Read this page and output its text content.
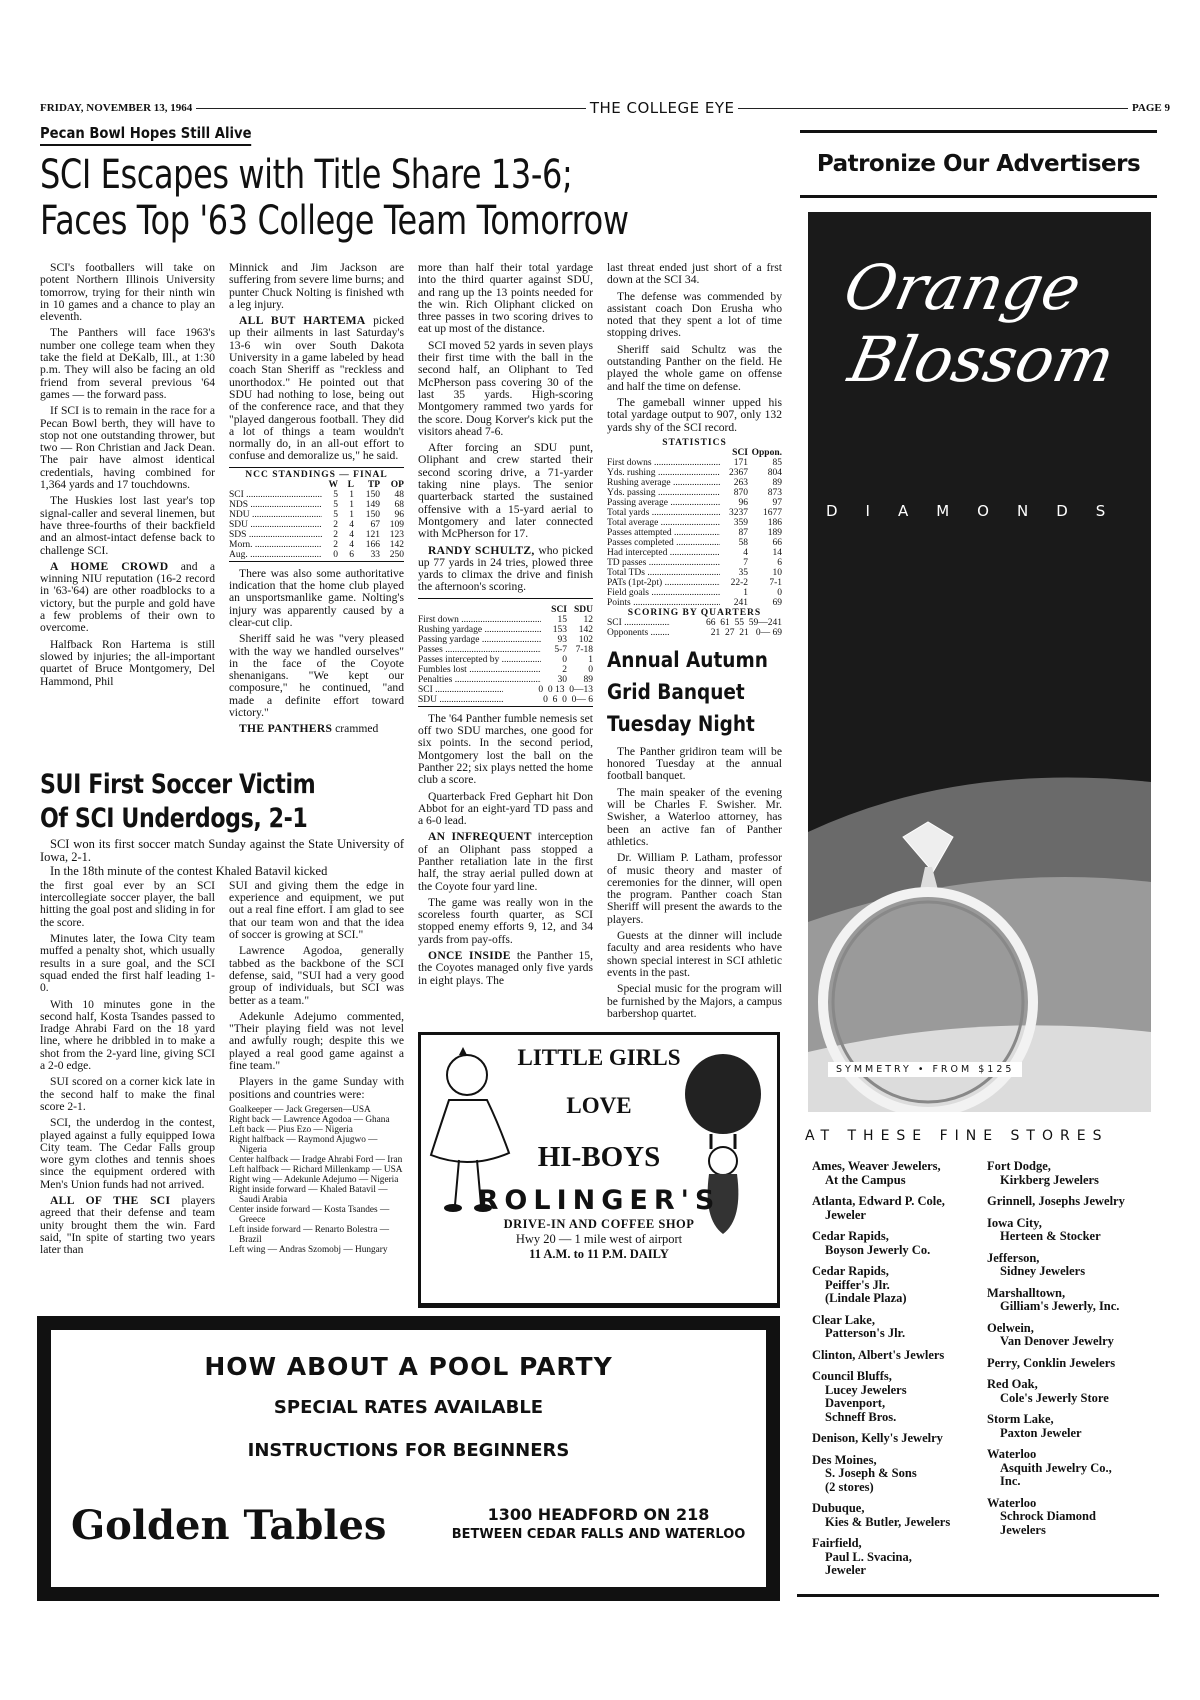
FRIDAY, NOVEMBER 13, 1964	THE COLLEGE EYE	PAGE 9
Pecan Bowl Hopes Still Alive
SCI Escapes with Title Share 13-6;
Faces Top '63 College Team Tomorrow

SCI's footballers will take on potent Northern Illinois University tomorrow, trying for their ninth win in 10 games and a chance to play an eleventh.

The Panthers will face 1963's number one college team when they take the field at DeKalb, Ill., at 1:30 p.m. They will also be facing an old friend from several previous '64 games — the forward pass.

If SCI is to remain in the race for a Pecan Bowl berth, they will have to stop not one outstanding thrower, but two — Ron Christian and Jack Dean. The pair have almost identical credentials, having combined for 1,364 yards and 17 touchdowns.

The Huskies lost last year's top signal-caller and several linemen, but have three-fourths of their backfield and an almost-intact defense back to challenge SCI.

A HOME CROWD and a winning NIU reputation (16-2 record in '63-'64) are other roadblocks to a victory, but the purple and gold have a few problems of their own to overcome.

Halfback Ron Hartema is still slowed by injuries; the all-important quartet of Bruce Montgomery, Del Hammond, Phil

Minnick and Jim Jackson are suffering from severe lime burns; and punter Chuck Nolting is finished wth a leg injury.

ALL BUT HARTEMA picked up their ailments in last Saturday's 13-6 win over South Dakota University in a game labeled by head coach Stan Sheriff as "reckless and unorthodox." He pointed out that SDU had nothing to lose, being out of the conference race, and that they "played dangerous football. They did a lot of things a team wouldn't normally do, in an all-out effort to confuse and demoralize us," he said.

NCC STANDINGS — FINAL
W	L	TP	OP
SCI .....	5	1	150	48
NDS .....	5	1	149	68
NDU .....	5	1	150	96
SDU .....	2	4	67	109
SDS .....	2	4	121	123
Morn. .....	2	4	166	142
Aug. .....	0	6	33	250

There was also some authoritative indication that the home club played an unsportsmanlike game. Nolting's injury was apparently caused by a clear-cut clip.

Sheriff said he was "very pleased with the way we handled ourselves" in the face of the Coyote shenanigans. "We kept our composure," he continued, "and made a definite effort toward victory."

THE PANTHERS crammed

more than half their total yardage into the third quarter against SDU, and rang up the 13 points needed for the win. Rich Oliphant clicked on three passes in two scoring drives to eat up most of the distance.

SCI moved 52 yards in seven plays their first time with the ball in the second half, an Oliphant to Ted McPherson pass covering 30 of the last 35 yards. High-scoring Montgomery rammed two yards for the score. Doug Korver's kick put the visitors ahead 7-6.

After forcing an SDU punt, Oliphant and crew started their second scoring drive, a 71-yarder taking nine plays. The senior quarterback started the sustained offensive with a 15-yard aerial to Montgomery and later connected with McPherson for 17.

RANDY SCHULTZ, who picked up 77 yards in 24 tries, plowed three yards to climax the drive and finish the afternoon's scoring.

SCI SDU
First down .....	15	12
Rushing yardage .....	153	142
Passing yardage .....	93	102
Passes .....	5-7 7-18
Passes intercepted by .....	0	1
Fumbles lost .....	2	0
Penalties .....	30	89
SCI .....	0  0 13  0—13
SDU .....	0  6  0  0— 6

The '64 Panther fumble nemesis set off two SDU marches, one good for six points. In the second period, Montgomery lost the ball on the Panther 22; six plays netted the home club a score.

Quarterback Fred Gephart hit Don Abbot for an eight-yard TD pass and a 6-0 lead.

AN INFREQUENT interception of an Oliphant pass stopped a Panther retaliation late in the first half, the stray aerial pulled down at the Coyote four yard line.

The game was really won in the scoreless fourth quarter, as SCI stopped enemy efforts 9, 12, and 34 yards from pay-offs.

ONCE INSIDE the Panther 15, the Coyotes managed only five yards in eight plays. The

last threat ended just short of a frst down at the SCI 34.

The defense was commended by assistant coach Don Erusha who noted that they spent a lot of time stopping drives.

Sheriff said Schultz was the outstanding Panther on the field. He played the whole game on offense and half the time on defense.

The gameball winner upped his total yardage output to 907, only 132 yards shy of the SCI record.

STATISTICS
SCI Oppon.
First downs .....	171	85
Yds. rushing .....	2367	804
Rushing average .....	263	89
Yds. passing .....	870	873
Passing average .....	96	97
Total yards .....	3237	1677
Total average .....	359	186
Passes attempted .....	87	189
Passes completed .....	58	66
Had intercepted .....	4	14
TD passes .....	7	6
Total TDs .....	35	10
PATs (1pt-2pt) .....	22-2	7-1
Field goals .....	1	0
Points .....	241	69
SCORING BY QUARTERS
SCI .....	66  61  55  59—241
Opponents .....	21  27  21   0— 69
Annual Autumn
Grid Banquet
Tuesday Night

The Panther gridiron team will be honored Tuesday at the annual football banquet.

The main speaker of the evening will be Charles F. Swisher. Mr. Swisher, a Waterloo attorney, has been an active fan of Panther athletics.

Dr. William P. Latham, professor of music theory and master of ceremonies for the dinner, will open the program. Panther coach Stan Sheriff will present the awards to the players.

Guests at the dinner will include faculty and area residents who have shown special interest in SCI athletic events in the past.

Special music for the program will be furnished by the Majors, a campus barbershop quartet.

SUI First Soccer Victim
Of SCI Underdogs, 2-1

SCI won its first soccer match Sunday against the State University of Iowa, 2-1.

In the 18th minute of the contest Khaled Batavil kicked

the first goal ever by an SCI intercollegiate soccer player, the ball hitting the goal post and sliding in for the score.

Minutes later, the Iowa City team muffed a penalty shot, which usually results in a sure goal, and the SCI squad ended the first half leading 1-0.

With 10 minutes gone in the second half, Kosta Tsandes passed to Iradge Ahrabi Fard on the 18 yard line, where he dribbled in to make a shot from the 2-yard line, giving SCI a 2-0 edge.

SUI scored on a corner kick late in the second half to make the final score 2-1.

SCI, the underdog in the contest, played against a fully equipped Iowa City team. The Cedar Falls group wore gym clothes and tennis shoes since the equipment ordered with Men's Union funds had not arrived.

ALL OF THE SCI players agreed that their defense and team unity brought them the win. Fard said, "In spite of starting two years later than

SUI and giving them the edge in experience and equipment, we put out a real fine effort. I am glad to see that our team won and that the idea of soccer is growing at SCI."

Lawrence Agodoa, generally tabbed as the backbone of the SCI defense, said, "SUI had a very good group of individuals, but SCI was better as a team."

Adekunle Adejumo commented, "Their playing field was not level and awfully rough; despite this we played a real good game against a fine team."

Players in the game Sunday with positions and countries were:

Goalkeeper — Jack Gregersen—USA
Right back — Lawrence Agodoa — Ghana
Left back — Pius Ezo — Nigeria
Right halfback — Raymond Ajugwo — Nigeria
Center halfback — Iradge Ahrabi Ford — Iran
Left halfback — Richard Millenkamp — USA
Right wing — Adekunle Adejumo — Nigeria
Right inside forward — Khaled Batavil — Saudi Arabia
Center inside forward — Kosta Tsandes — Greece
Left inside forward — Renarto Bolestra — Brazil
Left wing — Andras Szomobj — Hungary
LITTLE GIRLS
LOVE
HI-BOYS
ROLINGER'S
DRIVE-IN AND COFFEE SHOP
Hwy 20 — 1 mile west of airport
11 A.M. to 11 P.M. DAILY
HOW ABOUT A POOL PARTY
SPECIAL RATES AVAILABLE
INSTRUCTIONS FOR BEGINNERS
Golden Tables	1300 HEADFORD ON 218
BETWEEN CEDAR FALLS AND WATERLOO
Patronize Our Advertisers
Orange
Blossom
DIAMONDS
SYMMETRY • FROM $125
AT THESE FINE STORES
Ames, Weaver Jewelers,
At the Campus
Atlanta, Edward P. Cole,
Jeweler
Cedar Rapids,
Boyson Jewerly Co.
Cedar Rapids,
Peiffer's Jlr.
(Lindale Plaza)
Clear Lake,
Patterson's Jlr.
Clinton, Albert's Jewlers
Council Bluffs,
Lucey Jewelers
Davenport,
Schneff Bros.
Denison, Kelly's Jewelry
Des Moines,
S. Joseph & Sons
(2 stores)
Dubuque,
Kies & Butler, Jewelers
Fairfield,
Paul L. Svacina,
Jeweler
Fort Dodge,
Kirkberg Jewelers
Grinnell, Josephs Jewelry
Iowa City,
Herteen & Stocker
Jefferson,
Sidney Jewelers
Marshalltown,
Gilliam's Jewerly, Inc.
Oelwein,
Van Denover Jewelry
Perry, Conklin Jewelers
Red Oak,
Cole's Jewerly Store
Storm Lake,
Paxton Jeweler
Waterloo
Asquith Jewelry Co.,
Inc.
Waterloo
Schrock Diamond
Jewelers
